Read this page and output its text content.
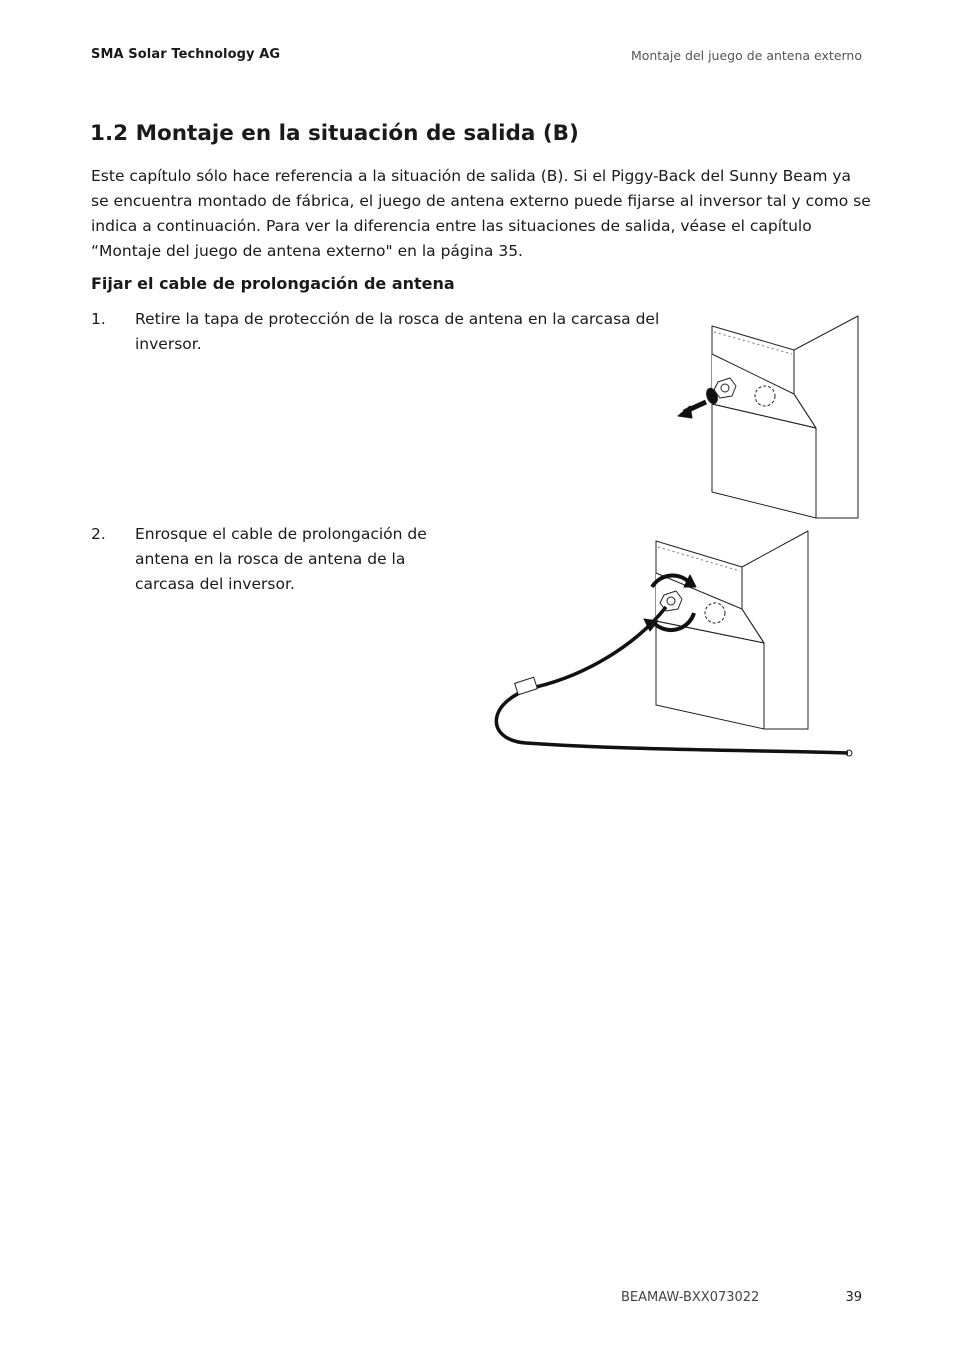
SMA Solar Technology AG	Montaje del juego de antena externo
1.2 Montaje en la situación de salida (B)

Este capítulo sólo hace referencia a la situación de salida (B). Si el Piggy-Back del Sunny Beam ya se encuentra montado de fábrica, el juego de antena externo puede fijarse al inversor tal y como se indica a continuación. Para ver la diferencia entre las situaciones de salida, véase el capítulo “Montaje del juego de antena externo" en la página 35.

Fijar el cable de prolongación de antena
1. Retire la tapa de protección de la rosca de antena en la carcasa del inversor.
2. Enrosque el cable de prolongación de antena en la rosca de antena de la carcasa del inversor.
BEAMAW-BXX073022	39
